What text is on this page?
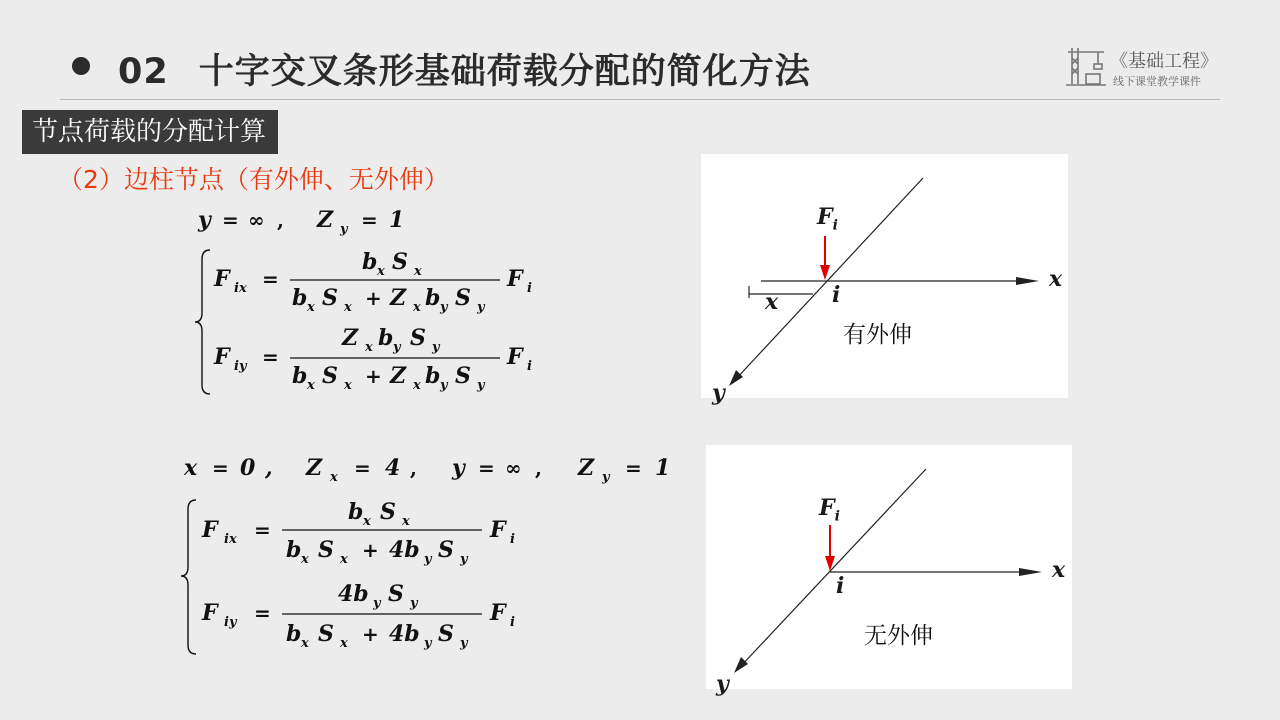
02 十字交叉条形基础荷载分配的简化方法	《基础工程》
线下课堂教学课件
节点荷载的分配计算
（2）边柱节点（有外伸、无外伸）
y = ∞ , Z y = 1
F ix =
b x S x
b x S x + Z x b y S y
F i
F iy =
Z x b y S y
b x S x + Z x b y S y
F i
x = 0 , Z x = 4 , y = ∞ , Z y = 1
F ix =
b x S x
b x S x + 4b y S y
F i
F iy =
4b y S y
b x S x + 4b y S y
F i
$F_i$
i
x
y
x
有外伸
$F_i$
i
x
y
无外伸
